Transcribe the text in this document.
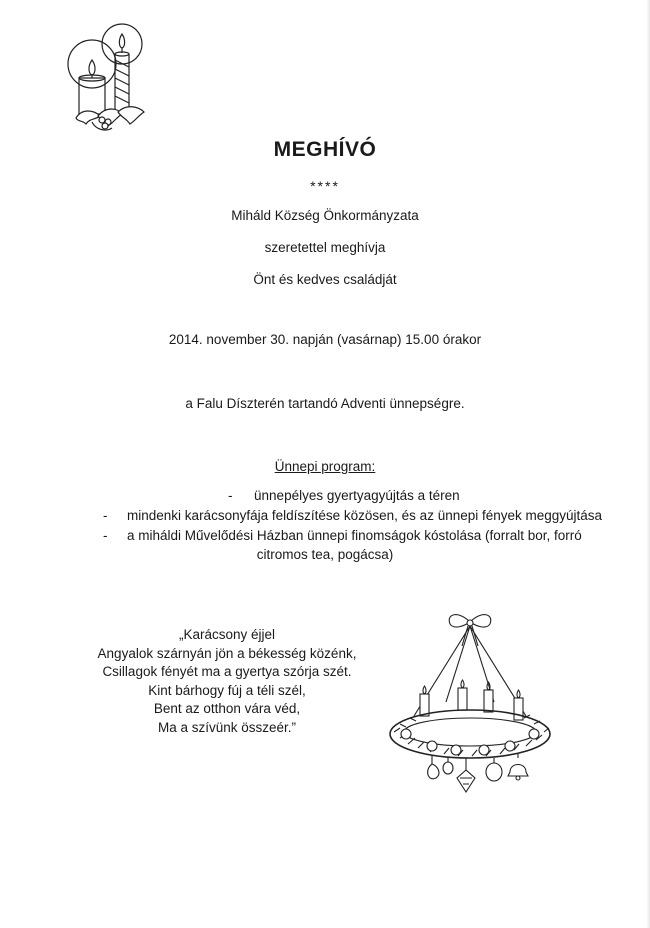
MEGHÍVÓ
****
Miháld Község Önkormányzata
szeretettel meghívja
Önt és kedves családját
2014. november 30. napján (vasárnap) 15.00 órakor
a Falu Díszterén tartandó Adventi ünnepségre.
Ünnepi program:
- ünnepélyes gyertyagyújtás a téren
- mindenki karácsonyfája feldíszítése közösen, és az ünnepi fények meggyújtása
- a miháldi Művelődési Házban ünnepi finomságok kóstolása (forralt bor, forró
citromos tea, pogácsa)
„Karácsony éjjel
Angyalok szárnyán jön a békesség közénk,
Csillagok fényét ma a gyertya szórja szét.
Kint bárhogy fúj a téli szél,
Bent az otthon vára véd,
Ma a szívünk összeér.”
